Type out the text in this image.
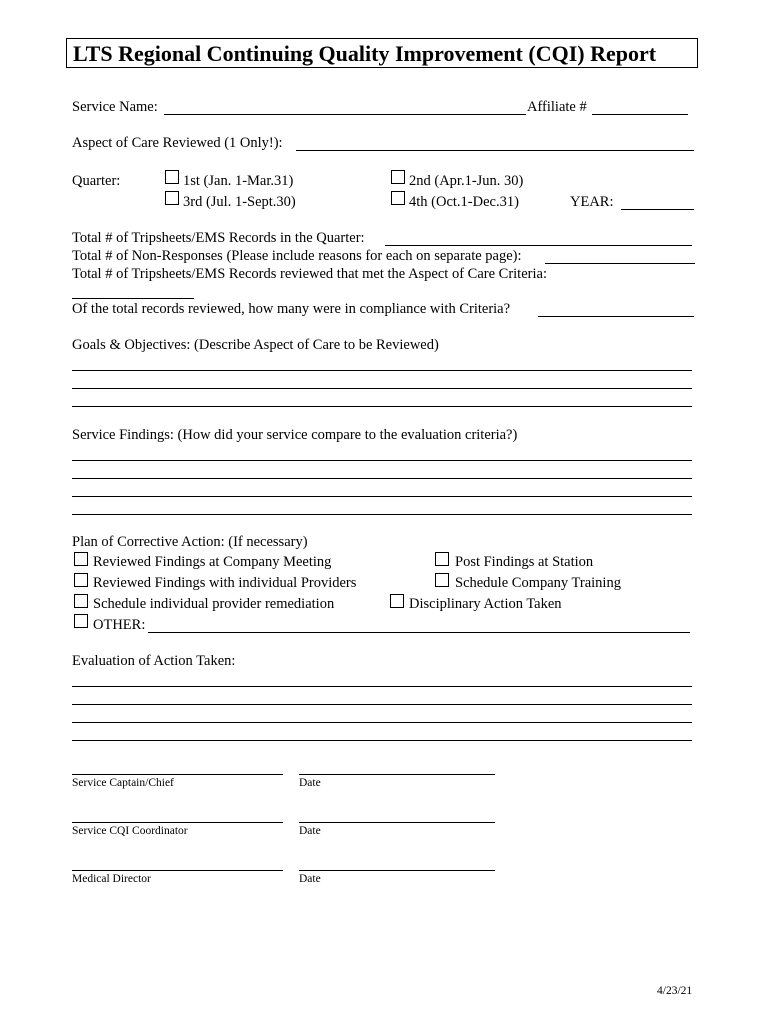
LTS Regional Continuing Quality Improvement (CQI) Report
Service Name:	Affiliate #
Aspect of Care Reviewed (1 Only!):
Quarter:	1st (Jan. 1-Mar.31)	2nd (Apr.1-Jun. 30)
3rd (Jul. 1-Sept.30)	4th (Oct.1-Dec.31)	YEAR:
Total # of Tripsheets/EMS Records in the Quarter:
Total # of Non-Responses (Please include reasons for each on separate page):
Total # of Tripsheets/EMS Records reviewed that met the Aspect of Care Criteria:
Of the total records reviewed, how many were in compliance with Criteria?
Goals & Objectives: (Describe Aspect of Care to be Reviewed)
Service Findings: (How did your service compare to the evaluation criteria?)
Plan of Corrective Action: (If necessary)
Reviewed Findings at Company Meeting	Post Findings at Station
Reviewed Findings with individual Providers	Schedule Company Training
Schedule individual provider remediation	Disciplinary Action Taken
OTHER:
Evaluation of Action Taken:
Service Captain/Chief	Date
Service CQI Coordinator	Date
Medical Director	Date
4/23/21
